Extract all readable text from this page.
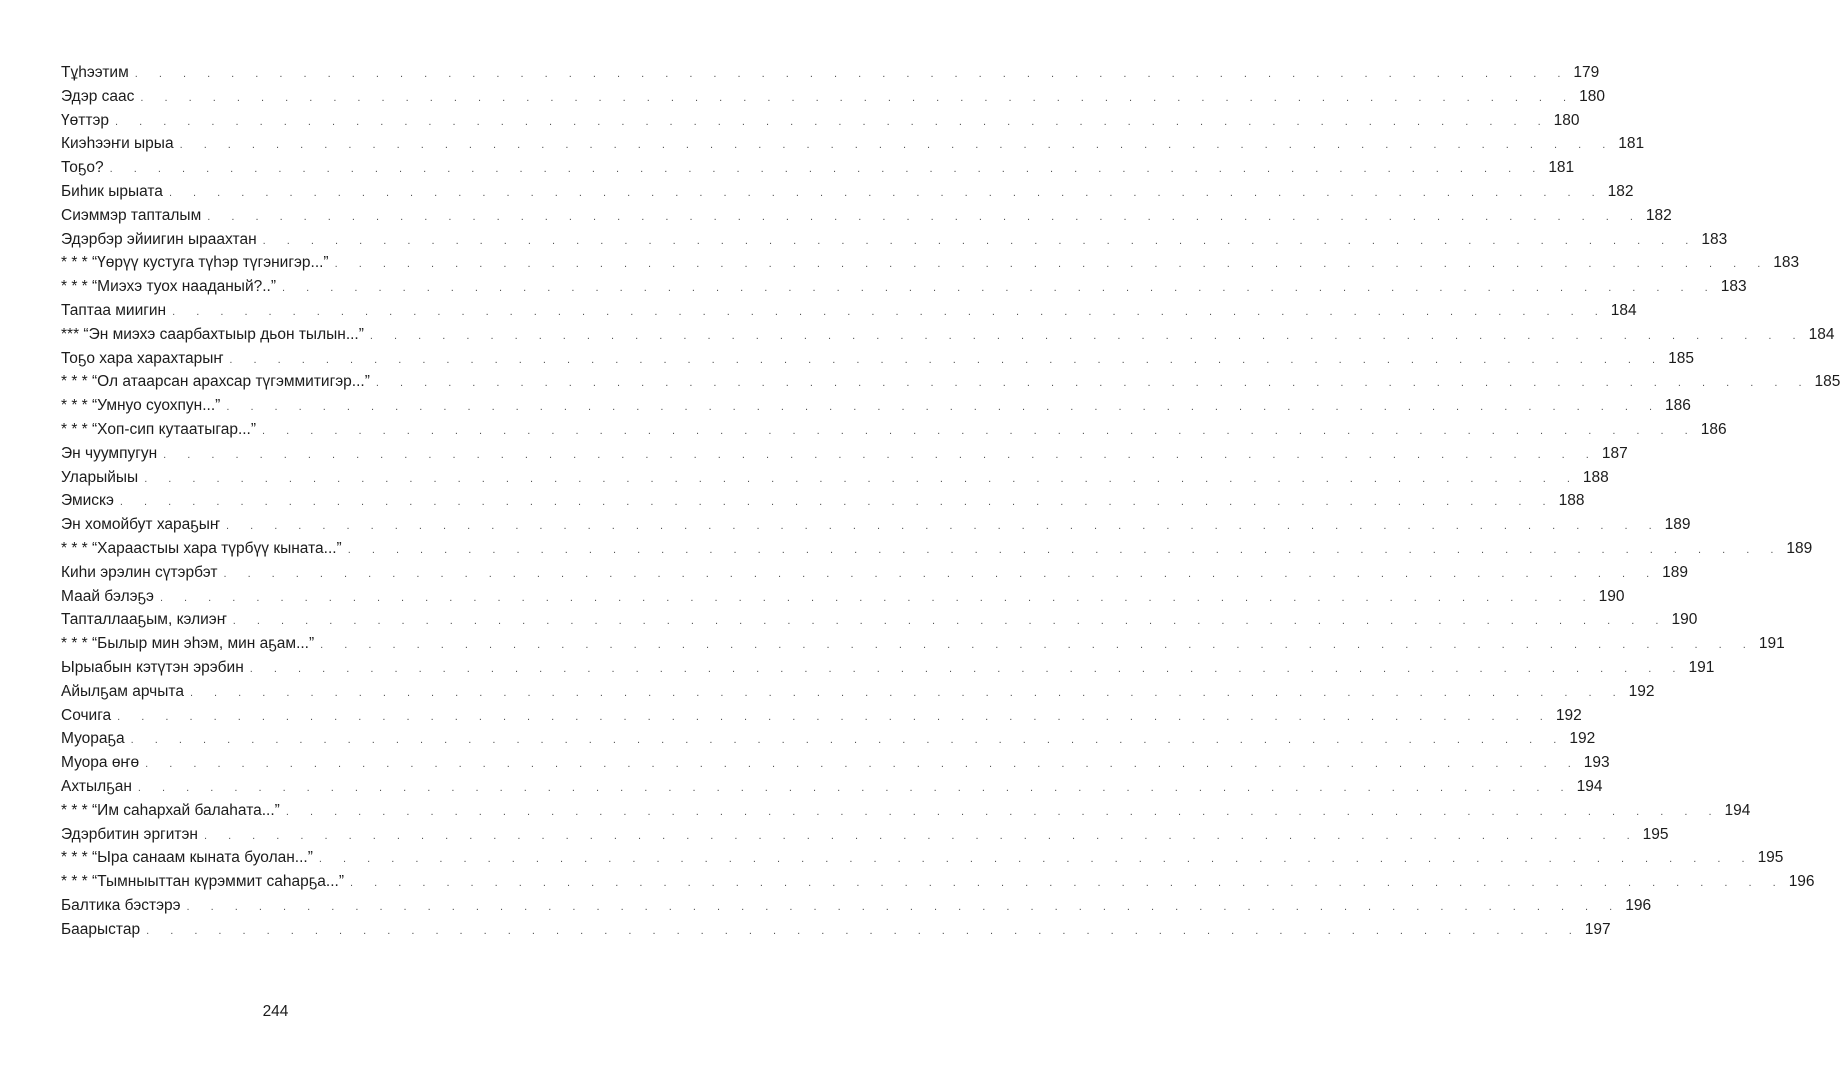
Тұһээтим . . . . . . . . . . . . . . . . . . . . . . . . . . . . . . . . . . . . . . . . . . . . . . . . . . . . . . . . . . . . 179
Эдэр саас . . . . . . . . . . . . . . . . . . . . . . . . . . . . . . . . . . . . . . . . . . . . . . . . . . . . . . . . . . . . 180
Үөттэр . . . . . . . . . . . . . . . . . . . . . . . . . . . . . . . . . . . . . . . . . . . . . . . . . . . . . . . . . . . . 180
Киэһээҥи ырыа . . . . . . . . . . . . . . . . . . . . . . . . . . . . . . . . . . . . . . . . . . . . . . . . . . . . . . . . . . . . 181
Тоҕо? . . . . . . . . . . . . . . . . . . . . . . . . . . . . . . . . . . . . . . . . . . . . . . . . . . . . . . . . . . . . 181
Биһик ырыата . . . . . . . . . . . . . . . . . . . . . . . . . . . . . . . . . . . . . . . . . . . . . . . . . . . . . . . . . . . . 182
Сиэммэр тапталым . . . . . . . . . . . . . . . . . . . . . . . . . . . . . . . . . . . . . . . . . . . . . . . . . . . . . . . . . . . . 182
Эдэрбэр эйиигин ыраахтан . . . . . . . . . . . . . . . . . . . . . . . . . . . . . . . . . . . . . . . . . . . . . . . . . . . . . . . . . . . . 183
* * * “Үөрүү кустуга түһэр түгэнигэр...” . . . . . . . . . . . . . . . . . . . . . . . . . . . . . . . . . . . . . . . . . . . . . . . . . . . . . . . . . . . . 183
* * * “Миэхэ туох нааданый?..” . . . . . . . . . . . . . . . . . . . . . . . . . . . . . . . . . . . . . . . . . . . . . . . . . . . . . . . . . . . . 183
Таптаа миигин . . . . . . . . . . . . . . . . . . . . . . . . . . . . . . . . . . . . . . . . . . . . . . . . . . . . . . . . . . . . 184
*** “Эн миэхэ саарбахтыыр дьон тылын...” . . . . . . . . . . . . . . . . . . . . . . . . . . . . . . . . . . . . . . . . . . . . . . . . . . . . . . . . . . . . 184
Тоҕо хара харахтарыҥ . . . . . . . . . . . . . . . . . . . . . . . . . . . . . . . . . . . . . . . . . . . . . . . . . . . . . . . . . . . . 185
* * * “Ол атаарсан арахсар түгэммитигэр...” . . . . . . . . . . . . . . . . . . . . . . . . . . . . . . . . . . . . . . . . . . . . . . . . . . . . . . . . . . . . 185
* * * “Умнуо суохпун...” . . . . . . . . . . . . . . . . . . . . . . . . . . . . . . . . . . . . . . . . . . . . . . . . . . . . . . . . . . . . 186
* * * “Хоп-сип кутаатыгар...” . . . . . . . . . . . . . . . . . . . . . . . . . . . . . . . . . . . . . . . . . . . . . . . . . . . . . . . . . . . . 186
Эн чуумпугун . . . . . . . . . . . . . . . . . . . . . . . . . . . . . . . . . . . . . . . . . . . . . . . . . . . . . . . . . . . . 187
Уларыйыы . . . . . . . . . . . . . . . . . . . . . . . . . . . . . . . . . . . . . . . . . . . . . . . . . . . . . . . . . . . . 188
Эмискэ . . . . . . . . . . . . . . . . . . . . . . . . . . . . . . . . . . . . . . . . . . . . . . . . . . . . . . . . . . . . 188
Эн хомойбут хараҕыҥ . . . . . . . . . . . . . . . . . . . . . . . . . . . . . . . . . . . . . . . . . . . . . . . . . . . . . . . . . . . . 189
* * * “Хараастыы хара түрбүү кыната...” . . . . . . . . . . . . . . . . . . . . . . . . . . . . . . . . . . . . . . . . . . . . . . . . . . . . . . . . . . . . 189
Киһи эрэлин сүтэрбэт . . . . . . . . . . . . . . . . . . . . . . . . . . . . . . . . . . . . . . . . . . . . . . . . . . . . . . . . . . . . 189
Маай бэлэҕэ . . . . . . . . . . . . . . . . . . . . . . . . . . . . . . . . . . . . . . . . . . . . . . . . . . . . . . . . . . . . 190
Тапталлааҕым, кэлиэҥ . . . . . . . . . . . . . . . . . . . . . . . . . . . . . . . . . . . . . . . . . . . . . . . . . . . . . . . . . . . . 190
* * * “Былыр мин эһэм, мин аҕам...” . . . . . . . . . . . . . . . . . . . . . . . . . . . . . . . . . . . . . . . . . . . . . . . . . . . . . . . . . . . . 191
Ырыабын кэтүтэн эрэбин . . . . . . . . . . . . . . . . . . . . . . . . . . . . . . . . . . . . . . . . . . . . . . . . . . . . . . . . . . . . 191
Айылҕам арчыта . . . . . . . . . . . . . . . . . . . . . . . . . . . . . . . . . . . . . . . . . . . . . . . . . . . . . . . . . . . . 192
Сочига . . . . . . . . . . . . . . . . . . . . . . . . . . . . . . . . . . . . . . . . . . . . . . . . . . . . . . . . . . . . 192
Муораҕа . . . . . . . . . . . . . . . . . . . . . . . . . . . . . . . . . . . . . . . . . . . . . . . . . . . . . . . . . . . . 192
Муора өҥө . . . . . . . . . . . . . . . . . . . . . . . . . . . . . . . . . . . . . . . . . . . . . . . . . . . . . . . . . . . . 193
Ахтылҕан . . . . . . . . . . . . . . . . . . . . . . . . . . . . . . . . . . . . . . . . . . . . . . . . . . . . . . . . . . . . 194
* * * “Им саһархай балаһата...” . . . . . . . . . . . . . . . . . . . . . . . . . . . . . . . . . . . . . . . . . . . . . . . . . . . . . . . . . . . . 194
Эдэрбитин эргитэн . . . . . . . . . . . . . . . . . . . . . . . . . . . . . . . . . . . . . . . . . . . . . . . . . . . . . . . . . . . . 195
* * * “Ыра санаам кыната буолан...” . . . . . . . . . . . . . . . . . . . . . . . . . . . . . . . . . . . . . . . . . . . . . . . . . . . . . . . . . . . . 195
* * * “Тымныыттан күрэммит саһарҕа...” . . . . . . . . . . . . . . . . . . . . . . . . . . . . . . . . . . . . . . . . . . . . . . . . . . . . . . . . . . . . 196
Балтика бэстэрэ . . . . . . . . . . . . . . . . . . . . . . . . . . . . . . . . . . . . . . . . . . . . . . . . . . . . . . . . . . . . 196
Баарыстар . . . . . . . . . . . . . . . . . . . . . . . . . . . . . . . . . . . . . . . . . . . . . . . . . . . . . . . . . . . . 197
244
